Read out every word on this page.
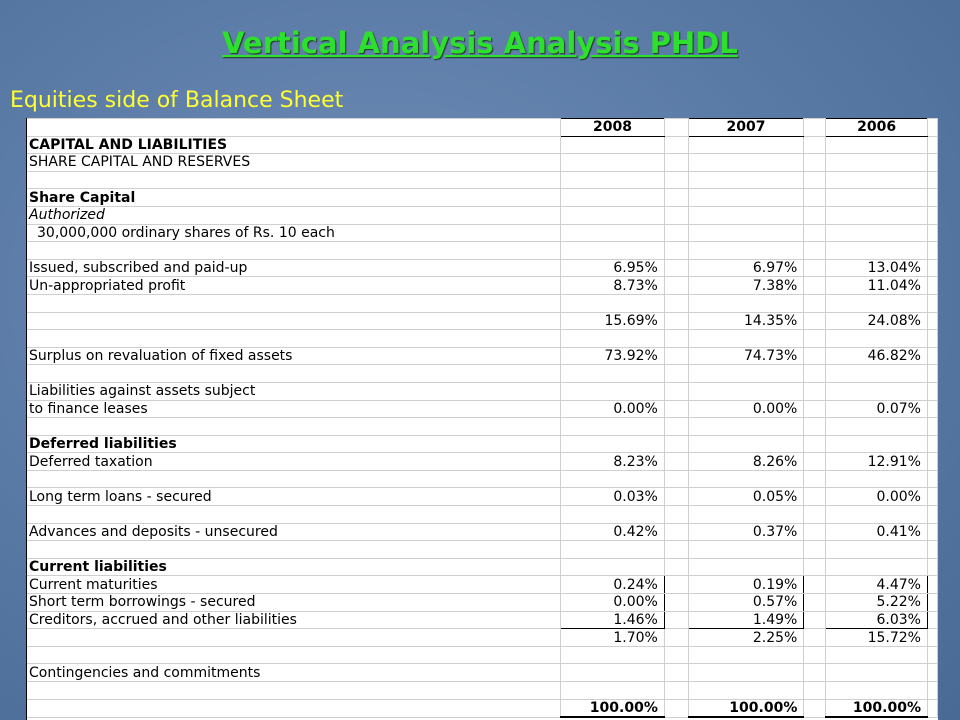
Vertical Analysis Analysis PHDL
Equities side of Balance Sheet
	2008		2007		2006	
CAPITAL AND LIABILITIES						
SHARE CAPITAL AND RESERVES						

Share Capital						
Authorized						
30,000,000 ordinary shares of Rs. 10 each						

Issued, subscribed and paid-up	6.95%		6.97%		13.04%	
Un-appropriated profit	8.73%		7.38%		11.04%	

	15.69%		14.35%		24.08%	

Surplus on revaluation of fixed assets	73.92%		74.73%		46.82%	

Liabilities against assets subject						
to finance leases	0.00%		0.00%		0.07%	

Deferred liabilities						
Deferred taxation	8.23%		8.26%		12.91%	

Long term loans - secured	0.03%		0.05%		0.00%	

Advances and deposits - unsecured	0.42%		0.37%		0.41%	

Current liabilities						
Current maturities	0.24%		0.19%		4.47%	
Short term borrowings - secured	0.00%		0.57%		5.22%	
Creditors, accrued and other liabilities	1.46%		1.49%		6.03%	
	1.70%		2.25%		15.72%	

Contingencies and commitments						

	100.00%		100.00%		100.00%	
